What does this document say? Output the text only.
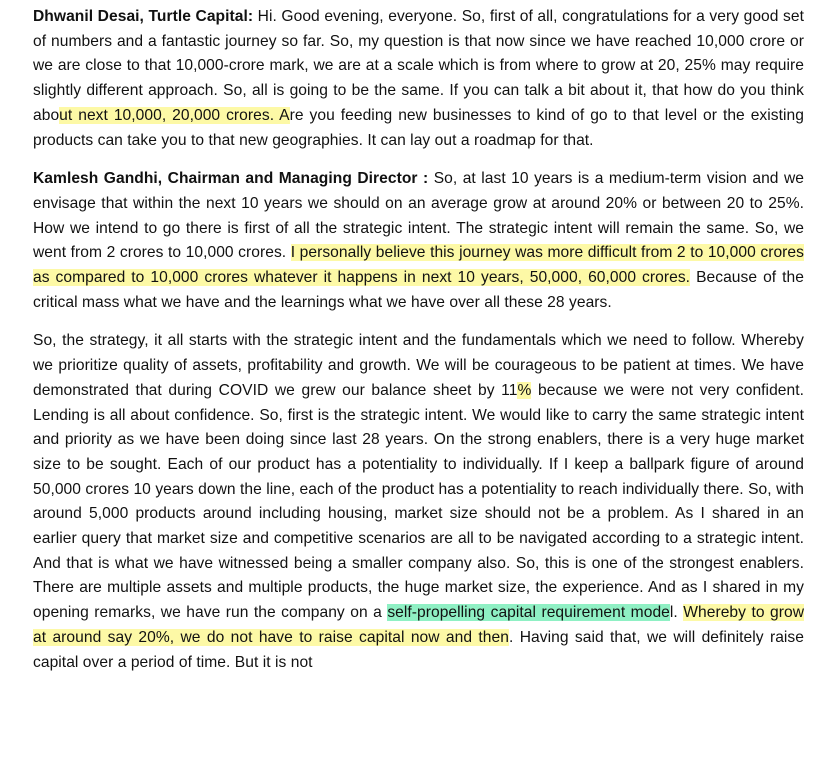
Dhwanil Desai, Turtle Capital: Hi. Good evening, everyone. So, first of all, congratulations for a very good set of numbers and a fantastic journey so far. So, my question is that now since we have reached 10,000 crore or we are close to that 10,000-crore mark, we are at a scale which is from where to grow at 20, 25% may require slightly different approach. So, all is going to be the same. If you can talk a bit about it, that how do you think about next 10,000, 20,000 crores. Are you feeding new businesses to kind of go to that level or the existing products can take you to that new geographies. It can lay out a roadmap for that.

Kamlesh Gandhi, Chairman and Managing Director : So, at last 10 years is a medium-term vision and we envisage that within the next 10 years we should on an average grow at around 20% or between 20 to 25%. How we intend to go there is first of all the strategic intent. The strategic intent will remain the same. So, we went from 2 crores to 10,000 crores. I personally believe this journey was more difficult from 2 to 10,000 crores as compared to 10,000 crores whatever it happens in next 10 years, 50,000, 60,000 crores. Because of the critical mass what we have and the learnings what we have over all these 28 years.

So, the strategy, it all starts with the strategic intent and the fundamentals which we need to follow. Whereby we prioritize quality of assets, profitability and growth. We will be courageous to be patient at times. We have demonstrated that during COVID we grew our balance sheet by 11% because we were not very confident. Lending is all about confidence. So, first is the strategic intent. We would like to carry the same strategic intent and priority as we have been doing since last 28 years. On the strong enablers, there is a very huge market size to be sought. Each of our product has a potentiality to individually. If I keep a ballpark figure of around 50,000 crores 10 years down the line, each of the product has a potentiality to reach individually there. So, with around 5,000 products around including housing, market size should not be a problem. As I shared in an earlier query that market size and competitive scenarios are all to be navigated according to a strategic intent. And that is what we have witnessed being a smaller company also. So, this is one of the strongest enablers. There are multiple assets and multiple products, the huge market size, the experience. And as I shared in my opening remarks, we have run the company on a self-propelling capital requirement model. Whereby to grow at around say 20%, we do not have to raise capital now and then. Having said that, we will definitely raise capital over a period of time. But it is not
